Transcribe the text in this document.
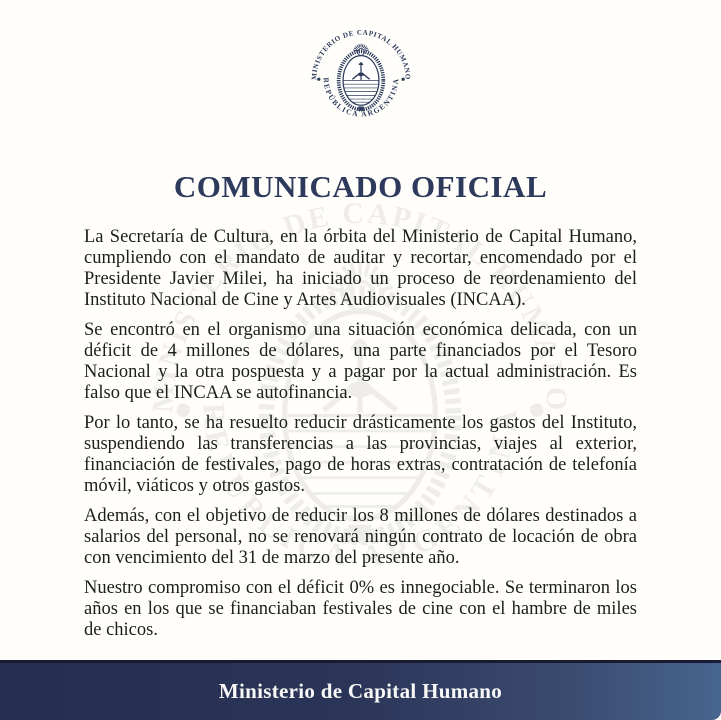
COMUNICADO OFICIAL

La Secretaría de Cultura, en la órbita del Ministerio de Capital Humano, cumpliendo con el mandato de auditar y recortar, encomendado por el Presidente Javier Milei, ha iniciado un proceso de reordenamiento del Instituto Nacional de Cine y Artes Audiovisuales (INCAA).

Se encontró en el organismo una situación económica delicada, con un déficit de 4 millones de dólares, una parte financiados por el Tesoro Nacional y la otra pospuesta y a pagar por la actual administración. Es falso que el INCAA se autofinancia.

Por lo tanto, se ha resuelto reducir drásticamente los gastos del Instituto, suspendiendo las transferencias a las provincias, viajes al exterior, financiación de festivales, pago de horas extras, contratación de telefonía móvil, viáticos y otros gastos.

Además, con el objetivo de reducir los 8 millones de dólares destinados a salarios del personal, no se renovará ningún contrato de locación de obra con vencimiento del 31 de marzo del presente año.

Nuestro compromiso con el déficit 0% es innegociable. Se terminaron los años en los que se financiaban festivales de cine con el hambre de miles de chicos.

Ministerio de Capital Humano
